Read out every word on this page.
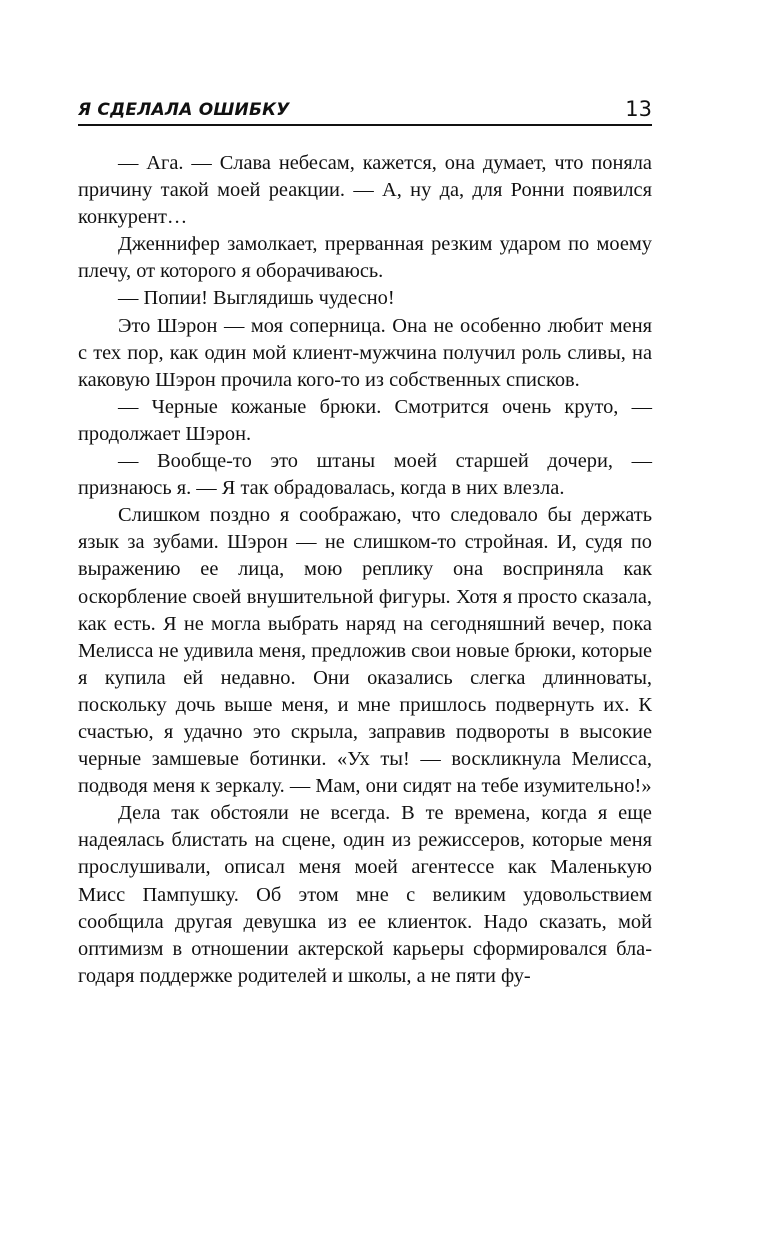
Я СДЕЛАЛА ОШИБКУ	13

— Ага. — Слава небесам, кажется, она думает, что поняла причину такой моей реакции. — А, ну да, для Ронни появился конкурент…

Дженнифер замолкает, прерванная резким ударом по моему плечу, от которого я оборачиваюсь.

— Попии! Выглядишь чудесно!

Это Шэрон — моя соперница. Она не особенно любит меня с тех пор, как один мой клиент-мужчина получил роль сливы, на каковую Шэрон прочила кого-то из собственных списков.

— Черные кожаные брюки. Смотрится очень круто, — продолжает Шэрон.

— Вообще-то это штаны моей старшей дочери, — признаюсь я. — Я так обрадовалась, когда в них влезла.

Слишком поздно я соображаю, что следовало бы держать язык за зубами. Шэрон — не слишком-то стройная. И, судя по выражению ее лица, мою реплику она восприняла как оскорбление своей внушительной фигуры. Хотя я просто сказала, как есть. Я не могла выбрать наряд на сегодняшний вечер, пока Мелисса не удивила меня, предложив свои новые брюки, которые я купила ей недавно. Они оказались слегка длинноваты, поскольку дочь выше меня, и мне пришлось подвернуть их. К счастью, я удачно это скрыла, заправив подвороты в высокие черные замшевые ботинки. «Ух ты! — воскликнула Мелисса, подводя меня к зеркалу. — Мам, они сидят на тебе изумительно!»

Дела так обстояли не всегда. В те времена, когда я еще надеялась блистать на сцене, один из режиссеров, которые меня прослушивали, описал меня моей агентессе как Маленькую Мисс Пампушку. Об этом мне с великим удовольствием сообщила другая девушка из ее клиенток. Надо сказать, мой оптимизм в отношении актерской карьеры сформировался благодаря поддержке родителей и школы, а не пяти фу-
